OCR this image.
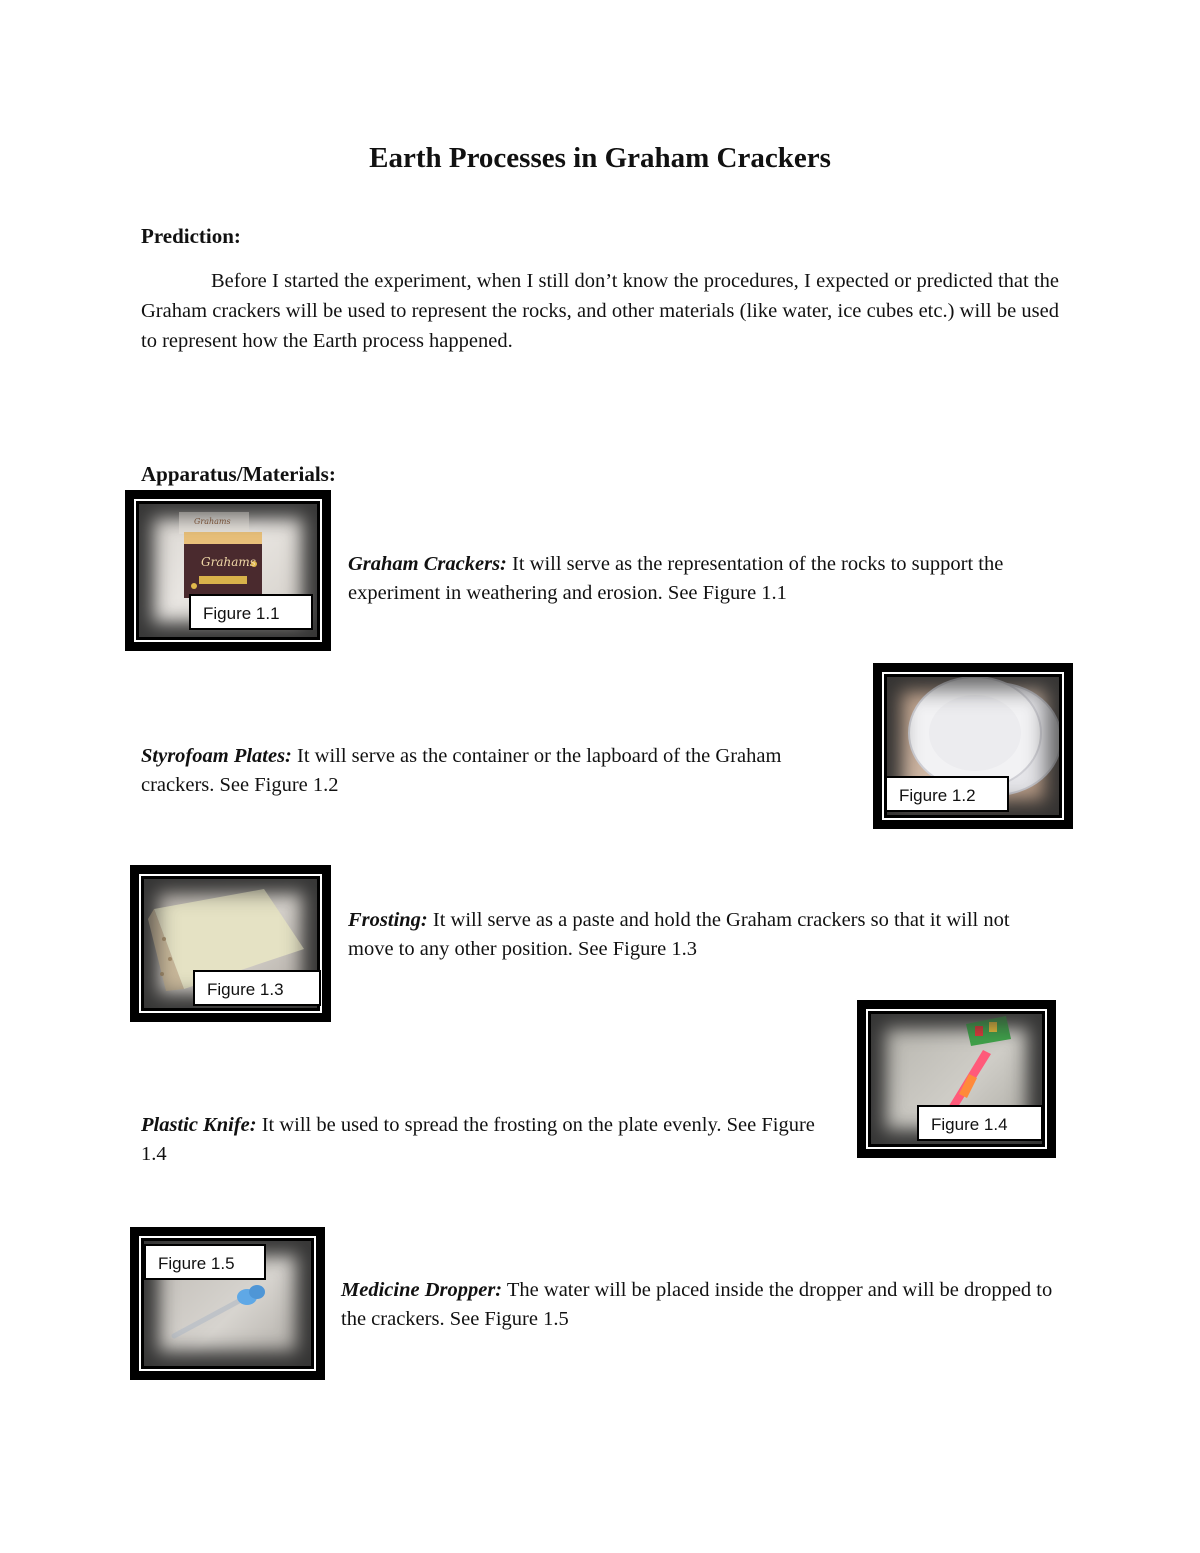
Earth Processes in Graham Crackers
Prediction:
Before I started the experiment, when I still don’t know the procedures, I expected or predicted that the Graham crackers will be used to represent the rocks, and other materials (like water, ice cubes etc.) will be used to represent how the Earth process happened.
Apparatus/Materials:
Grahams
Grahams
Figure 1.1
Graham Crackers: It will serve as the representation of the rocks to support the experiment in weathering and erosion. See Figure 1.1
Figure 1.2
Styrofoam Plates: It will serve as the container or the lapboard of the Graham crackers. See Figure 1.2
Figure 1.3
Frosting: It will serve as a paste and hold the Graham crackers so that it will not move to any other position. See Figure 1.3
Figure 1.4
Plastic Knife: It will be used to spread the frosting on the plate evenly. See Figure 1.4
Figure 1.5
Medicine Dropper: The water will be placed inside the dropper and will be dropped to the crackers. See Figure 1.5
